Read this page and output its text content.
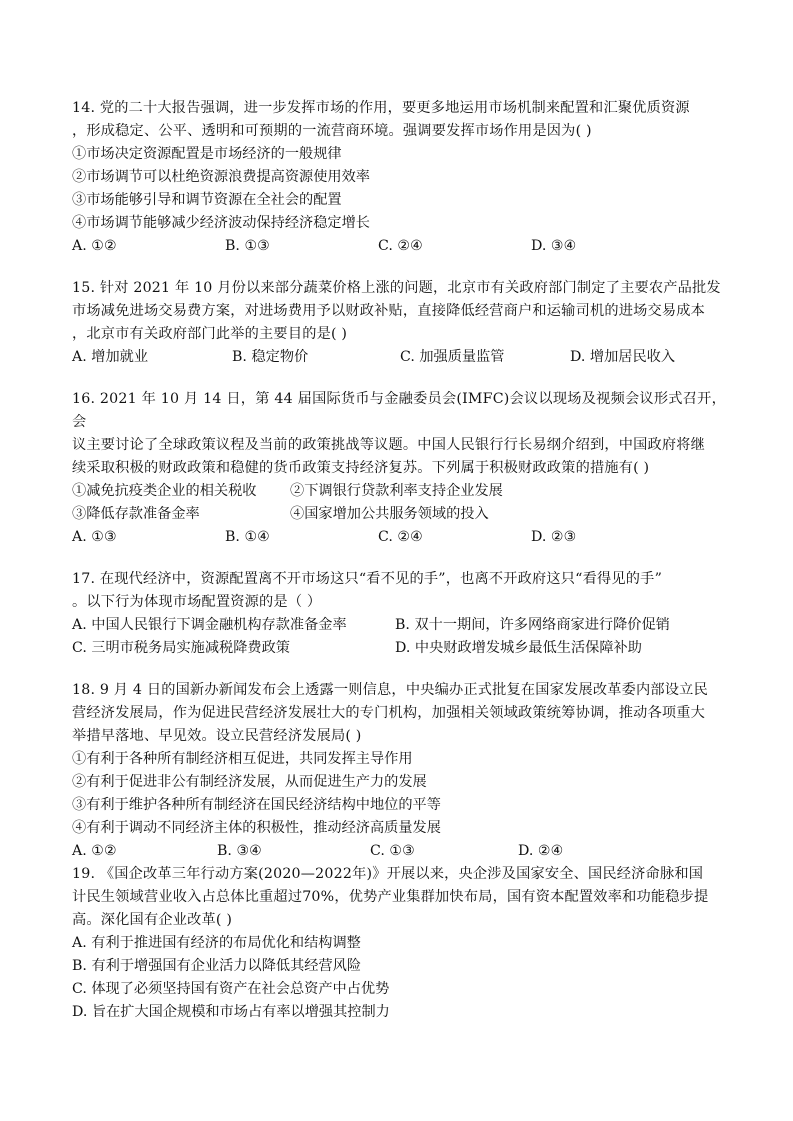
14. 党的二十大报告强调，进一步发挥市场的作用，要更多地运用市场机制来配置和汇聚优质资源

，形成稳定、公平、透明和可预期的一流营商环境。强调要发挥市场作用是因为( )

①市场决定资源配置是市场经济的一般规律

②市场调节可以杜绝资源浪费提高资源使用效率

③市场能够引导和调节资源在全社会的配置

④市场调节能够减少经济波动保持经济稳定增长

A. ①②	B. ①③	C. ②④	D. ③④

15. 针对 2021 年 10 月份以来部分蔬菜价格上涨的问题，北京市有关政府部门制定了主要农产品批发

市场减免进场交易费方案，对进场费用予以财政补贴，直接降低经营商户和运输司机的进场交易成本

，北京市有关政府部门此举的主要目的是( )

A. 增加就业	B. 稳定物价	C. 加强质量监管	D. 增加居民收入

16. 2021 年 10 月 14 日，第 44 届国际货币与金融委员会(IMFC)会议以现场及视频会议形式召开，会

议主要讨论了全球政策议程及当前的政策挑战等议题。中国人民银行行长易纲介绍到，中国政府将继

续采取积极的财政政策和稳健的货币政策支持经济复苏。下列属于积极财政政策的措施有( )

①减免抗疫类企业的相关税收	②下调银行贷款利率支持企业发展
③降低存款准备金率	④国家增加公共服务领域的投入
A. ①③	B. ①④	C. ②④	D. ②③

17. 在现代经济中，资源配置离不开市场这只“看不见的手”，也离不开政府这只“看得见的手”

。以下行为体现市场配置资源的是（ ）

A. 中国人民银行下调金融机构存款准备金率	B. 双十一期间，许多网络商家进行降价促销
C. 三明市税务局实施减税降费政策	D. 中央财政增发城乡最低生活保障补助

18. 9 月 4 日的国新办新闻发布会上透露一则信息，中央编办正式批复在国家发展改革委内部设立民

营经济发展局，作为促进民营经济发展壮大的专门机构，加强相关领域政策统筹协调，推动各项重大

举措早落地、早见效。设立民营经济发展局( )

①有利于各种所有制经济相互促进，共同发挥主导作用

②有利于促进非公有制经济发展，从而促进生产力的发展

③有利于维护各种所有制经济在国民经济结构中地位的平等

④有利于调动不同经济主体的积极性，推动经济高质量发展

A. ①②	B. ③④	C. ①③	D. ②④

19. 《国企改革三年行动方案(2020—2022年)》开展以来，央企涉及国家安全、国民经济命脉和国

计民生领域营业收入占总体比重超过70%，优势产业集群加快布局，国有资本配置效率和功能稳步提

高。深化国有企业改革( )

A. 有利于推进国有经济的布局优化和结构调整

B. 有利于增强国有企业活力以降低其经营风险

C. 体现了必须坚持国有资产在社会总资产中占优势

D. 旨在扩大国企规模和市场占有率以增强其控制力
